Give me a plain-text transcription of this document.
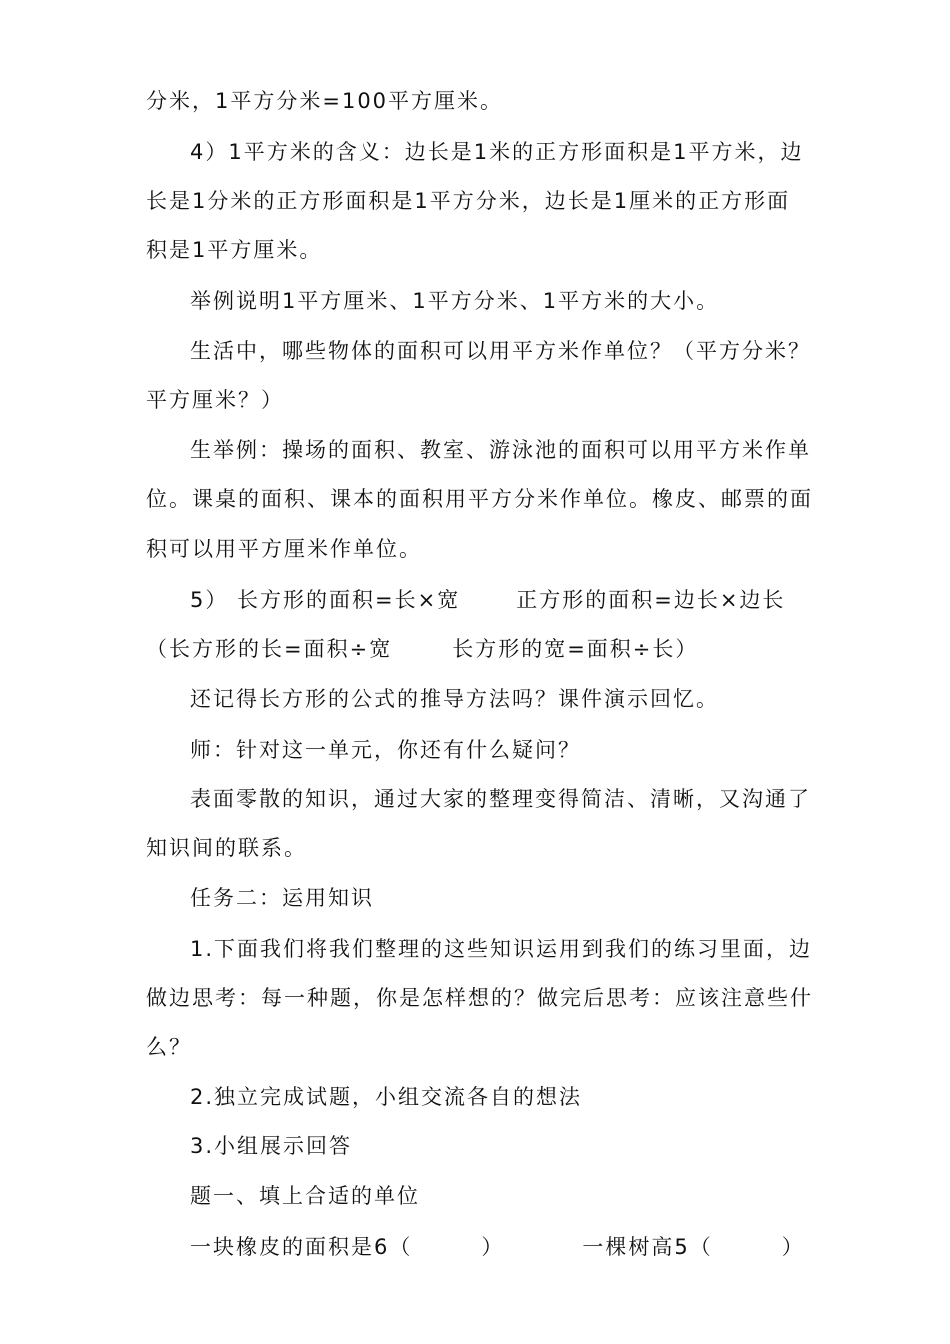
分米，1平方分米=100平方厘米。
4）1平方米的含义：边长是1米的正方形面积是1平方米，边
长是1分米的正方形面积是1平方分米，边长是1厘米的正方形面
积是1平方厘米。
举例说明1平方厘米、1平方分米、1平方米的大小。
生活中，哪些物体的面积可以用平方米作单位？（平方分米？
平方厘米？）
生举例：操场的面积、教室、游泳池的面积可以用平方米作单
位。课桌的面积、课本的面积用平方分米作单位。橡皮、邮票的面
积可以用平方厘米作单位。
5） 长方形的面积=长×宽	正方形的面积=边长×边长
（长方形的长=面积÷宽	长方形的宽=面积÷长）
还记得长方形的公式的推导方法吗？课件演示回忆。
师：针对这一单元，你还有什么疑问？
表面零散的知识，通过大家的整理变得简洁、清晰，又沟通了
知识间的联系。
任务二：运用知识
1.下面我们将我们整理的这些知识运用到我们的练习里面，边
做边思考：每一种题，你是怎样想的？做完后思考：应该注意些什
么？
2.独立完成试题，小组交流各自的想法
3.小组展示回答
题一、填上合适的单位
一块橡皮的面积是6（　　　）	一棵树高5（　　　）
